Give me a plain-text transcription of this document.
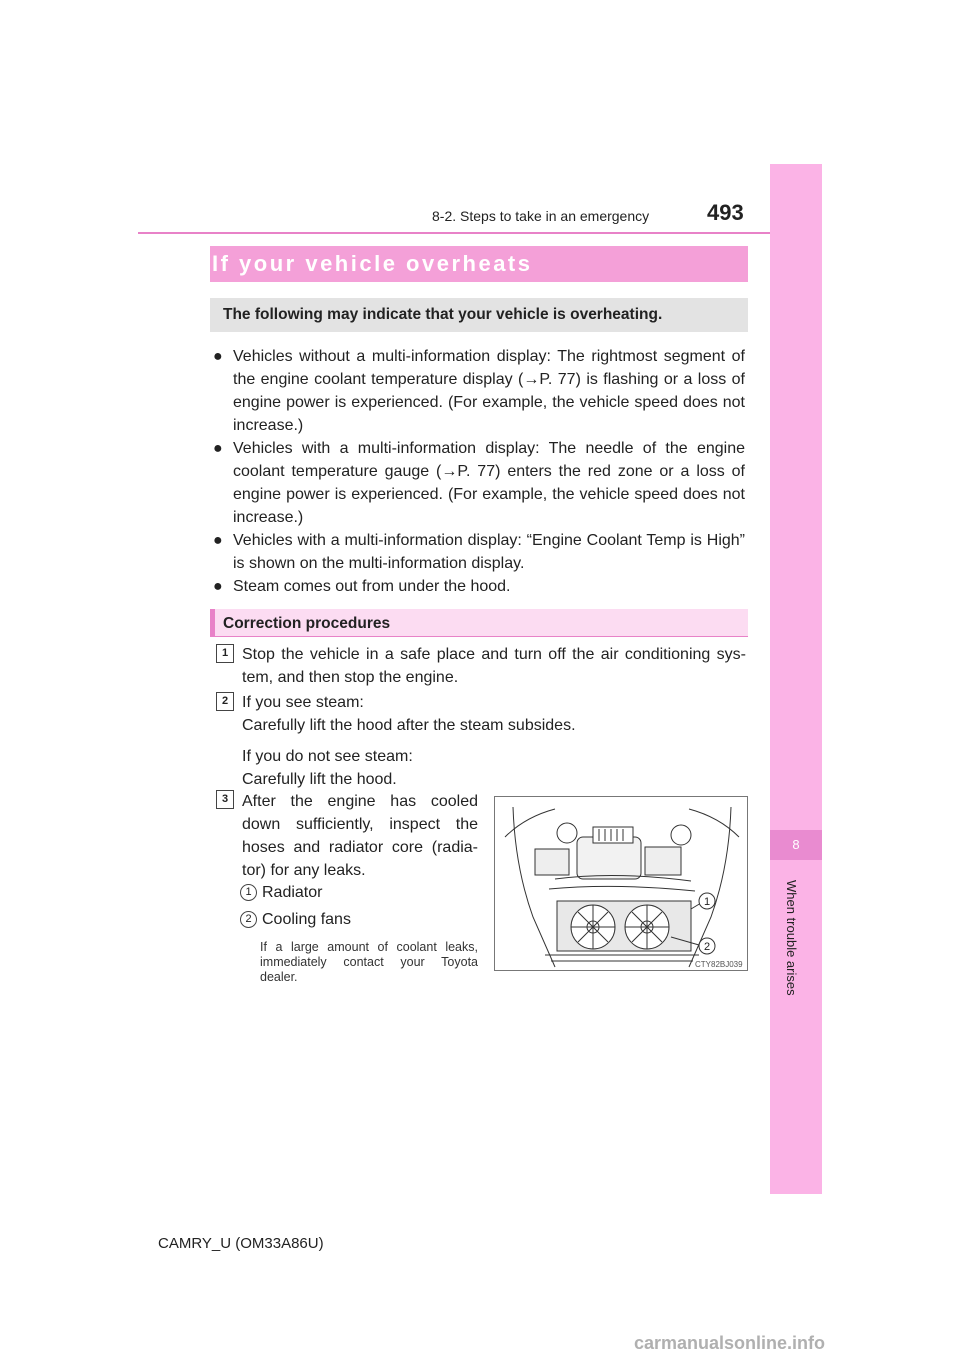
8-2. Steps to take in an emergency	493
8
When trouble arises
If your vehicle overheats
The following may indicate that your vehicle is overheating.
● Vehicles without a multi-information display: The rightmost segment of the engine coolant temperature display (→P. 77) is flashing or a loss of engine power is experienced. (For example, the vehicle speed does not increase.)
● Vehicles with a multi-information display: The needle of the engine coolant temperature gauge (→P. 77) enters the red zone or a loss of engine power is experienced. (For example, the vehicle speed does not increase.)
● Vehicles with a multi-information display: “Engine Coolant Temp is High” is shown on the multi-information display.
● Steam comes out from under the hood.
Correction procedures
1 Stop the vehicle in a safe place and turn off the air conditioning sys-tem, and then stop the engine.
2 If you see steam:
Carefully lift the hood after the steam subsides.
If you do not see steam:
Carefully lift the hood.
3 After the engine has cooled down sufficiently, inspect the hoses and radiator core (radia-tor) for any leaks.
1 Radiator
2 Cooling fans
If a large amount of coolant leaks, immediately contact your Toyota dealer.
1
2
CTY82BJ039
CAMRY_U (OM33A86U)
carmanualsonline.info
